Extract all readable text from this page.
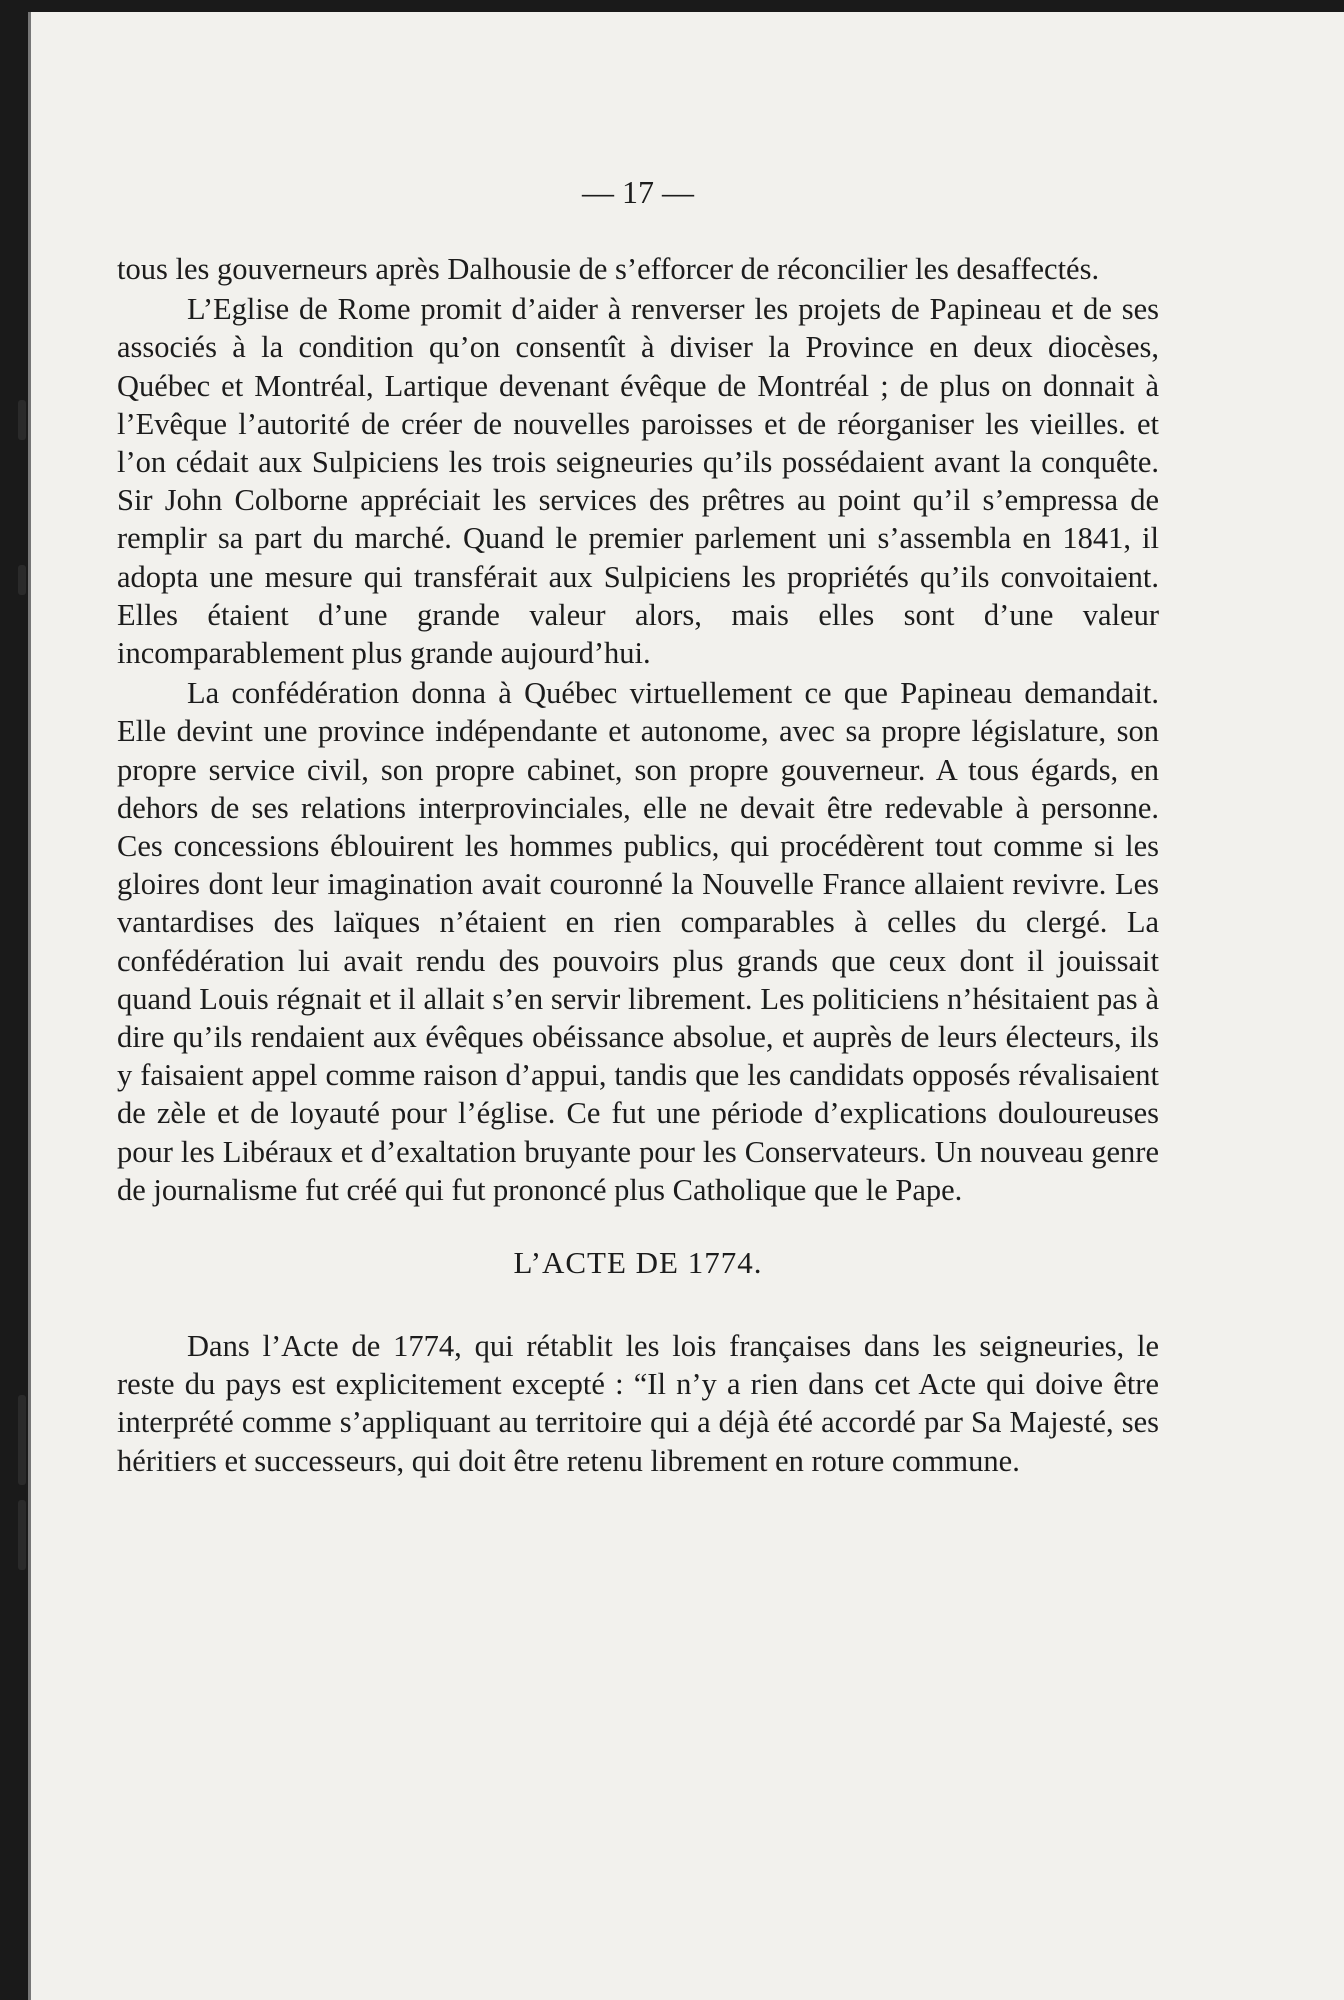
— 17 —

tous les gouverneurs après Dalhousie de s’efforcer de réconcilier les desaffectés.

L’Eglise de Rome promit d’aider à renverser les projets de Papineau et de ses associés à la condition qu’on consentît à diviser la Province en deux diocèses, Québec et Montréal, Lartique devenant évêque de Montréal ; de plus on donnait à l’Evêque l’autorité de créer de nouvelles paroisses et de réorganiser les vieilles. et l’on cédait aux Sulpiciens les trois seigneuries qu’ils possédaient avant la conquête. Sir John Colborne appréciait les services des prêtres au point qu’il s’empressa de remplir sa part du marché. Quand le premier parlement uni s’assembla en 1841, il adopta une mesure qui transférait aux Sulpiciens les propriétés qu’ils convoitaient. Elles étaient d’une grande valeur alors, mais elles sont d’une valeur incomparablement plus grande aujourd’hui.

La confédération donna à Québec virtuellement ce que Papineau demandait. Elle devint une province indépendante et autonome, avec sa propre législature, son propre service civil, son propre cabinet, son propre gouverneur. A tous égards, en dehors de ses relations interprovinciales, elle ne devait être redevable à personne. Ces concessions éblouirent les hommes publics, qui procédèrent tout comme si les gloires dont leur imagination avait couronné la Nouvelle France allaient revivre. Les vantardises des laïques n’étaient en rien comparables à celles du clergé. La confédération lui avait rendu des pouvoirs plus grands que ceux dont il jouissait quand Louis régnait et il allait s’en servir librement. Les politiciens n’hésitaient pas à dire qu’ils rendaient aux évêques obéissance absolue, et auprès de leurs électeurs, ils y faisaient appel comme raison d’appui, tandis que les candidats opposés révalisaient de zèle et de loyauté pour l’église. Ce fut une période d’explications douloureuses pour les Libéraux et d’exaltation bruyante pour les Conservateurs. Un nouveau genre de journalisme fut créé qui fut prononcé plus Catholique que le Pape.

L’ACTE DE 1774.

Dans l’Acte de 1774, qui rétablit les lois françaises dans les seigneuries, le reste du pays est explicitement excepté : “Il n’y a rien dans cet Acte qui doive être interprété comme s’appliquant au territoire qui a déjà été accordé par Sa Majesté, ses héritiers et successeurs, qui doit être retenu librement en roture commune.
